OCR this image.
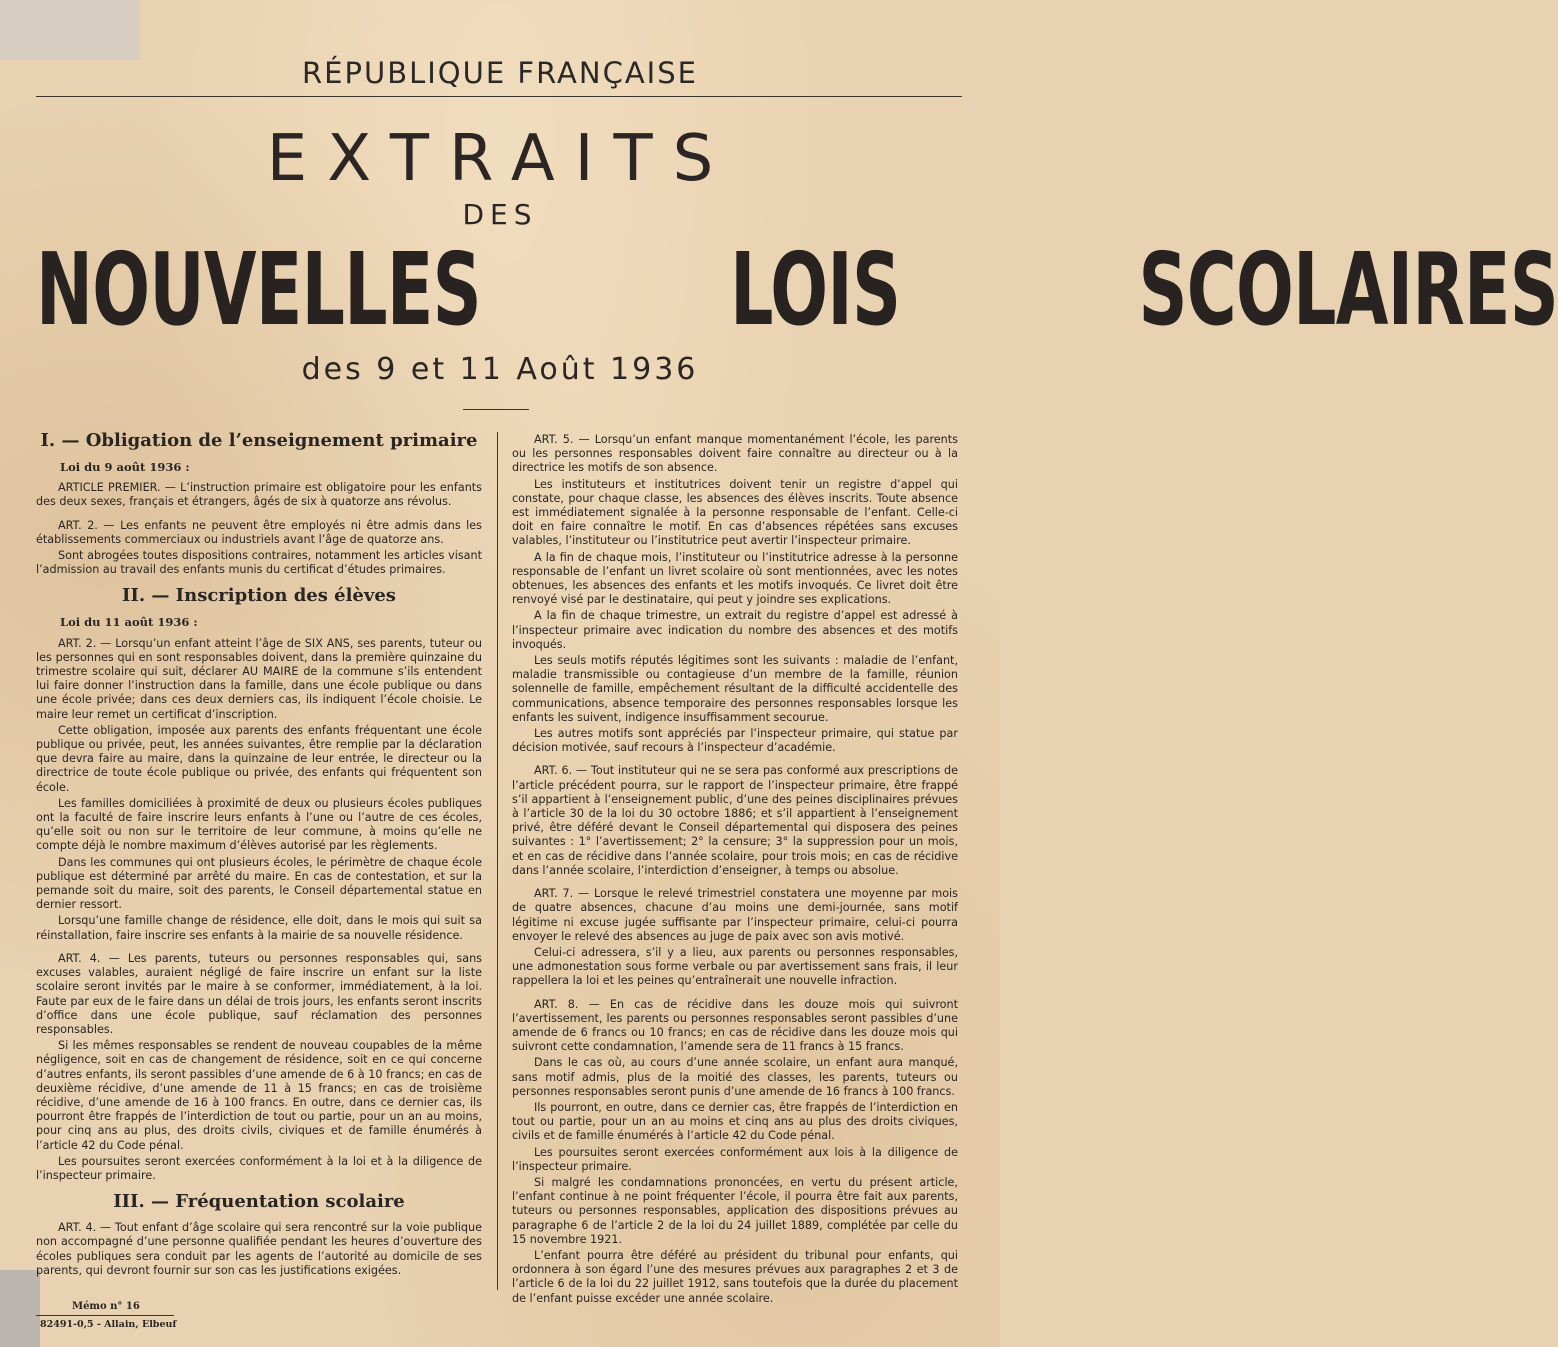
RÉPUBLIQUE FRANÇAISE
EXTRAITS
DES
NOUVELLES LOIS SCOLAIRES
des 9 et 11 Août 1936
I. — Obligation de l’enseignement primaire
Loi du 9 août 1936 :

ARTICLE PREMIER. — L’instruction primaire est obligatoire pour les enfants des deux sexes, français et étrangers, âgés de six à quatorze ans révolus.

ART. 2. — Les enfants ne peuvent être employés ni être admis dans les établissements commerciaux ou industriels avant l’âge de quatorze ans.

Sont abrogées toutes dispositions contraires, notamment les articles visant l’admission au travail des enfants munis du certificat d’études primaires.

II. — Inscription des élèves
Loi du 11 août 1936 :

ART. 2. — Lorsqu’un enfant atteint l’âge de SIX ANS, ses parents, tuteur ou les personnes qui en sont responsables doivent, dans la première quinzaine du trimestre scolaire qui suit, déclarer AU MAIRE de la commune s’ils entendent lui faire donner l’instruction dans la famille, dans une école publique ou dans une école privée; dans ces deux derniers cas, ils indiquent l’école choisie. Le maire leur remet un certificat d’inscription.

Cette obligation, imposée aux parents des enfants fréquentant une école publique ou privée, peut, les années suivantes, être remplie par la déclaration que devra faire au maire, dans la quinzaine de leur entrée, le directeur ou la directrice de toute école publique ou privée, des enfants qui fréquentent son école.

Les familles domiciliées à proximité de deux ou plusieurs écoles publiques ont la faculté de faire inscrire leurs enfants à l’une ou l’autre de ces écoles, qu’elle soit ou non sur le territoire de leur commune, à moins qu’elle ne compte déjà le nombre maximum d’élèves autorisé par les règlements.

Dans les communes qui ont plusieurs écoles, le périmètre de chaque école publique est déterminé par arrêté du maire. En cas de contestation, et sur la pemande soit du maire, soit des parents, le Conseil départemental statue en dernier ressort.

Lorsqu’une famille change de résidence, elle doit, dans le mois qui suit sa réinstallation, faire inscrire ses enfants à la mairie de sa nouvelle résidence.

ART. 4. — Les parents, tuteurs ou personnes responsables qui, sans excuses valables, auraient négligé de faire inscrire un enfant sur la liste scolaire seront invités par le maire à se conformer, immédiatement, à la loi. Faute par eux de le faire dans un délai de trois jours, les enfants seront inscrits d’office dans une école publique, sauf réclamation des personnes responsables.

Si les mêmes responsables se rendent de nouveau coupables de la même négligence, soit en cas de changement de résidence, soit en ce qui concerne d’autres enfants, ils seront passibles d’une amende de 6 à 10 francs; en cas de deuxième récidive, d’une amende de 11 à 15 francs; en cas de troisième récidive, d’une amende de 16 à 100 francs. En outre, dans ce dernier cas, ils pourront être frappés de l’interdiction de tout ou partie, pour un an au moins, pour cinq ans au plus, des droits civils, civiques et de famille énumérés à l’article 42 du Code pénal.

Les poursuites seront exercées conformément à la loi et à la diligence de l’inspecteur primaire.

III. — Fréquentation scolaire

ART. 4. — Tout enfant d’âge scolaire qui sera rencontré sur la voie publique non accompagné d’une personne qualifiée pendant les heures d’ouverture des écoles publiques sera conduit par les agents de l’autorité au domicile de ses parents, qui devront fournir sur son cas les justifications exigées.

ART. 5. — Lorsqu’un enfant manque momentanément l’école, les parents ou les personnes responsables doivent faire connaître au directeur ou à la directrice les motifs de son absence.

Les instituteurs et institutrices doivent tenir un registre d’appel qui constate, pour chaque classe, les absences des élèves inscrits. Toute absence est immédiatement signalée à la personne responsable de l’enfant. Celle-ci doit en faire connaître le motif. En cas d’absences répétées sans excuses valables, l’instituteur ou l’institutrice peut avertir l’inspecteur primaire.

A la fin de chaque mois, l’instituteur ou l’institutrice adresse à la personne responsable de l’enfant un livret scolaire où sont mentionnées, avec les notes obtenues, les absences des enfants et les motifs invoqués. Ce livret doit être renvoyé visé par le destinataire, qui peut y joindre ses explications.

A la fin de chaque trimestre, un extrait du registre d’appel est adressé à l’inspecteur primaire avec indication du nombre des absences et des motifs invoqués.

Les seuls motifs réputés légitimes sont les suivants : maladie de l’enfant, maladie transmissible ou contagieuse d’un membre de la famille, réunion solennelle de famille, empêchement résultant de la difficulté accidentelle des communications, absence temporaire des personnes responsables lorsque les enfants les suivent, indigence insuffisamment secourue.

Les autres motifs sont appréciés par l’inspecteur primaire, qui statue par décision motivée, sauf recours à l’inspecteur d’académie.

ART. 6. — Tout instituteur qui ne se sera pas conformé aux prescriptions de l’article précédent pourra, sur le rapport de l’inspecteur primaire, être frappé s’il appartient à l’enseignement public, d’une des peines disciplinaires prévues à l’article 30 de la loi du 30 octobre 1886; et s’il appartient à l’enseignement privé, être déféré devant le Conseil départemental qui disposera des peines suivantes : 1° l’avertissement; 2° la censure; 3° la suppression pour un mois, et en cas de récidive dans l’année scolaire, pour trois mois; en cas de récidive dans l’année scolaire, l’interdiction d’enseigner, à temps ou absolue.

ART. 7. — Lorsque le relevé trimestriel constatera une moyenne par mois de quatre absences, chacune d’au moins une demi-journée, sans motif légitime ni excuse jugée suffisante par l’inspecteur primaire, celui-ci pourra envoyer le relevé des absences au juge de paix avec son avis motivé.

Celui-ci adressera, s’il y a lieu, aux parents ou personnes responsables, une admonestation sous forme verbale ou par avertissement sans frais, il leur rappellera la loi et les peines qu’entraînerait une nouvelle infraction.

ART. 8. — En cas de récidive dans les douze mois qui suivront l’avertissement, les parents ou personnes responsables seront passibles d’une amende de 6 francs ou 10 francs; en cas de récidive dans les douze mois qui suivront cette condamnation, l’amende sera de 11 francs à 15 francs.

Dans le cas où, au cours d’une année scolaire, un enfant aura manqué, sans motif admis, plus de la moitié des classes, les parents, tuteurs ou personnes responsables seront punis d’une amende de 16 francs à 100 francs.

Ils pourront, en outre, dans ce dernier cas, être frappés de l’interdiction en tout ou partie, pour un an au moins et cinq ans au plus des droits civiques, civils et de famille énumérés à l’article 42 du Code pénal.

Les poursuites seront exercées conformément aux lois à la diligence de l’inspecteur primaire.

Si malgré les condamnations prononcées, en vertu du présent article, l’enfant continue à ne point fréquenter l’école, il pourra être fait aux parents, tuteurs ou personnes responsables, application des dispositions prévues au paragraphe 6 de l’article 2 de la loi du 24 juillet 1889, complétée par celle du 15 novembre 1921.

L’enfant pourra être déféré au président du tribunal pour enfants, qui ordonnera à son égard l’une des mesures prévues aux paragraphes 2 et 3 de l’article 6 de la loi du 22 juillet 1912, sans toutefois que la durée du placement de l’enfant puisse excéder une année scolaire.

Mémo n° 16
82491-0,5 - Allain, Elbeuf
